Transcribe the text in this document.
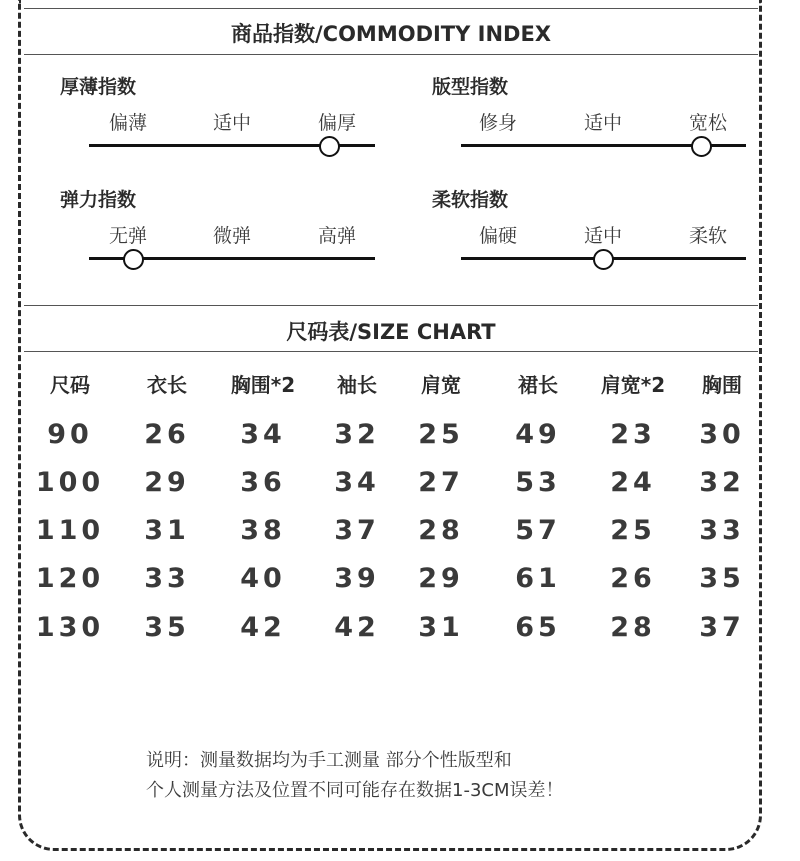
商品指数/COMMODITY INDEX
厚薄指数
偏薄	适中	偏厚
版型指数
修身	适中	宽松
弹力指数
无弹	微弹	高弹
柔软指数
偏硬	适中	柔软
尺码表/SIZE CHART
尺码	衣长	胸围*2	袖长	肩宽	裙长	肩宽*2	胸围
90	26	34	32	25	49	23	30
100	29	36	34	27	53	24	32
110	31	38	37	28	57	25	33
120	33	40	39	29	61	26	35
130	35	42	42	31	65	28	37
说明：测量数据均为手工测量 部分个性版型和
个人测量方法及位置不同可能存在数据1-3CM误差！
